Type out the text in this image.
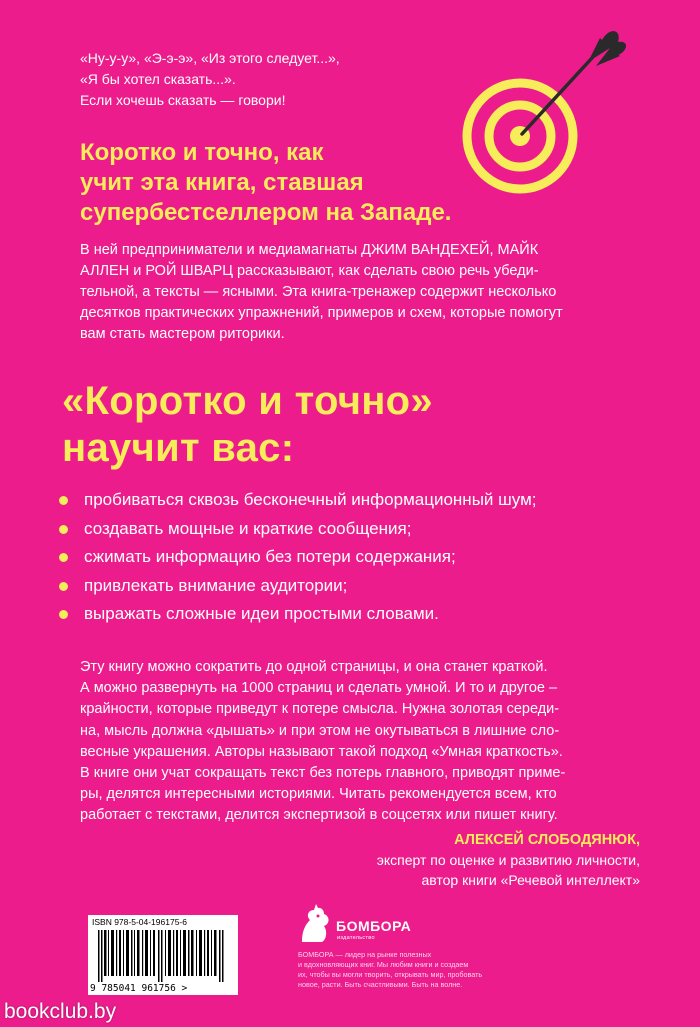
«Ну-у-у», «Э-э-э», «Из этого следует...»,
«Я бы хотел сказать...».
Если хочешь сказать — говори!
Коротко и точно, как
учит эта книга, ставшая
супербестселлером на Западе.
В ней предприниматели и медиамагнаты ДЖИМ ВАНДЕХЕЙ, МАЙК
АЛЛЕН и РОЙ ШВАРЦ рассказывают, как сделать свою речь убеди-
тельной, а тексты — ясными. Эта книга-тренажер содержит несколько
десятков практических упражнений, примеров и схем, которые помогут
вам стать мастером риторики.
«Коротко и точно»
научит вас:
пробиваться сквозь бесконечный информационный шум;
создавать мощные и краткие сообщения;
сжимать информацию без потери содержания;
привлекать внимание аудитории;
выражать сложные идеи простыми словами.
Эту книгу можно сократить до одной страницы, и она станет краткой.
А можно развернуть на 1000 страниц и сделать умной. И то и другое –
крайности, которые приведут к потере смысла. Нужна золотая середи-
на, мысль должна «дышать» и при этом не окутываться в лишние сло-
весные украшения. Авторы называют такой подход «Умная краткость».
В книге они учат сокращать текст без потерь главного, приводят приме-
ры, делятся интересными историями. Читать рекомендуется всем, кто
работает с текстами, делится экспертизой в соцсетях или пишет книгу.
АЛЕКСЕЙ СЛОБОДЯНЮК,
эксперт по оценке и развитию личности,
автор книги «Речевой интеллект»
ISBN 978-5-04-196175-6
9 785041 961756 >
БОМБОРА
издательство
БОМБОРА — лидер на рынке полезных
и вдохновляющих книг. Мы любим книги и создаем
их, чтобы вы могли творить, открывать мир, пробовать
новое, расти. Быть счастливыми. Быть на волне.
bookclub.by
